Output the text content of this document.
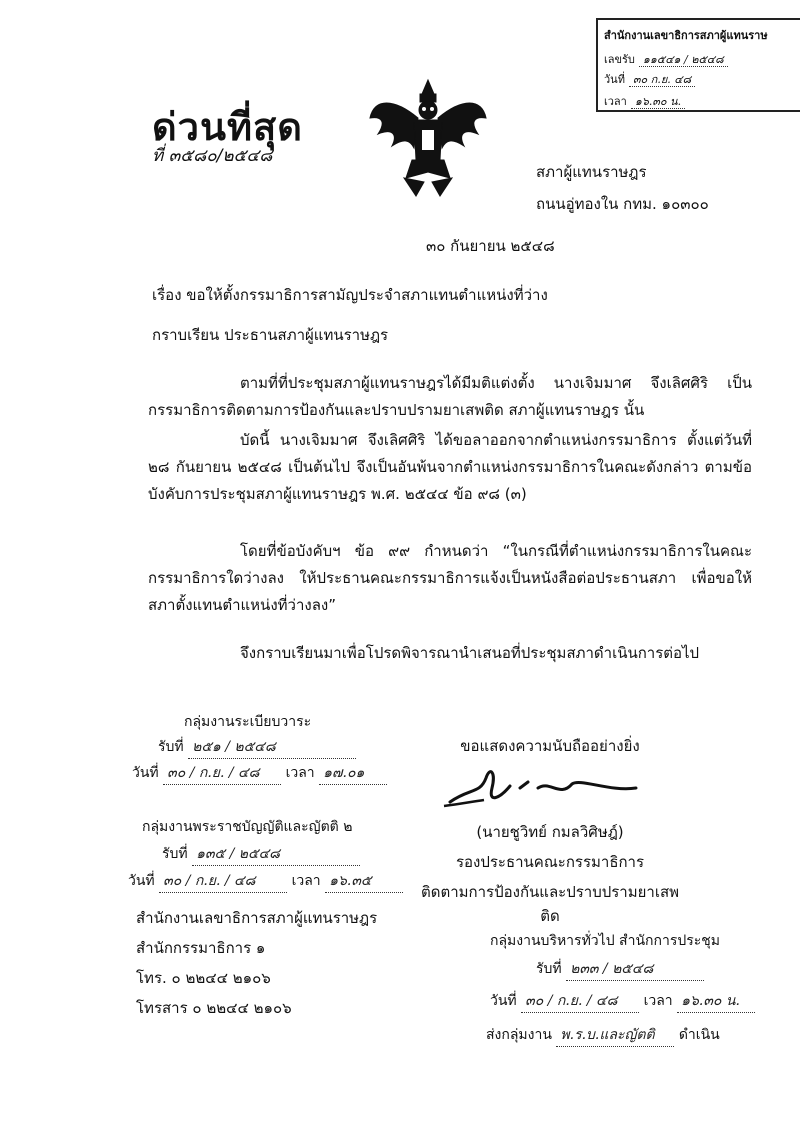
สำนักงานเลขาธิการสภาผู้แทนราษ
เลขรับ ๑๑๕๔๑ / ๒๕๔๘
วันที่ ๓๐ ก.ย. ๔๘
เวลา ๑๖.๓๐ น.
ด่วนที่สุด
ที่ ๓๕๘๐/๒๕๔๘
สภาผู้แทนราษฎร
ถนนอู่ทองใน กทม. ๑๐๓๐๐
๓๐ กันยายน ๒๕๔๘
เรื่อง ขอให้ตั้งกรรมาธิการสามัญประจำสภาแทนตำแหน่งที่ว่าง
กราบเรียน ประธานสภาผู้แทนราษฎร

ตามที่ที่ประชุมสภาผู้แทนราษฎรได้มีมติแต่งตั้ง นางเจิมมาศ จึงเลิศศิริ เป็นกรรมาธิการติดตามการป้องกันและปราบปรามยาเสพติด สภาผู้แทนราษฎร นั้น

บัดนี้ นางเจิมมาศ จึงเลิศศิริ ได้ขอลาออกจากตำแหน่งกรรมาธิการ ตั้งแต่วันที่ ๒๘ กันยายน ๒๕๔๘ เป็นต้นไป จึงเป็นอันพ้นจากตำแหน่งกรรมาธิการในคณะดังกล่าว ตามข้อบังคับการประชุมสภาผู้แทนราษฎร พ.ศ. ๒๕๔๔ ข้อ ๙๘ (๓)

โดยที่ข้อบังคับฯ ข้อ ๙๙ กำหนดว่า “ในกรณีที่ตำแหน่งกรรมาธิการในคณะกรรมาธิการใดว่างลง ให้ประธานคณะกรรมาธิการแจ้งเป็นหนังสือต่อประธานสภา เพื่อขอให้สภาตั้งแทนตำแหน่งที่ว่างลง”

จึงกราบเรียนมาเพื่อโปรดพิจารณานำเสนอที่ประชุมสภาดำเนินการต่อไป

กลุ่มงานระเบียบวาระ
รับที่ ๒๕๑ / ๒๕๔๘
วันที่ ๓๐ / ก.ย. / ๔๘ เวลา ๑๗.๐๑
ขอแสดงความนับถืออย่างยิ่ง
(นายชูวิทย์ กมลวิศิษฎ์)
รองประธานคณะกรรมาธิการ
ติดตามการป้องกันและปราบปรามยาเสพติด
กลุ่มงานพระราชบัญญัติและญัตติ ๒
รับที่ ๑๓๕ / ๒๕๔๘
วันที่ ๓๐ / ก.ย. / ๔๘	เวลา ๑๖.๓๕
สำนักงานเลขาธิการสภาผู้แทนราษฎร
สำนักกรรมาธิการ ๑
โทร. ๐ ๒๒๔๔ ๒๑๐๖
โทรสาร ๐ ๒๒๔๔ ๒๑๐๖
กลุ่มงานบริหารทั่วไป สำนักการประชุม
รับที่ ๒๓๓ / ๒๕๔๘
วันที่ ๓๐ / ก.ย. / ๔๘ เวลา ๑๖.๓๐ น.
ส่งกลุ่มงาน พ.ร.บ.และญัตติ ดำเนิน
